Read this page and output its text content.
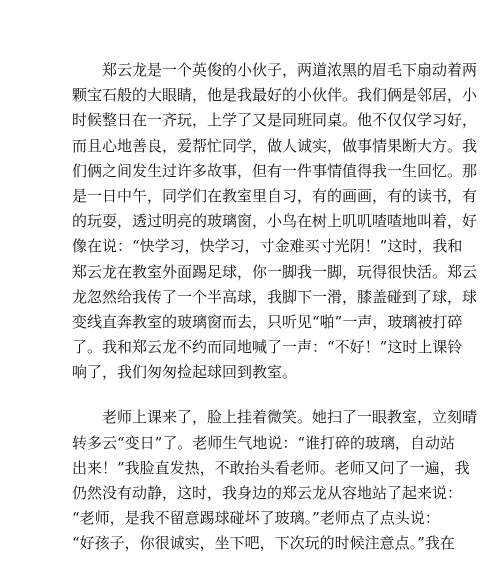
郑云龙是一个英俊的小伙子，两道浓黑的眉毛下扇动着两
颗宝石般的大眼睛，他是我最好的小伙伴。我们俩是邻居，小
时候整日在一齐玩，上学了又是同班同桌。他不仅仅学习好，
而且心地善良，爱帮忙同学，做人诚实，做事情果断大方。我
们俩之间发生过许多故事，但有一件事情值得我一生回忆。那
是一日中午，同学们在教室里自习，有的画画，有的读书，有
的玩耍，透过明亮的玻璃窗，小鸟在树上叽叽喳喳地叫着，好
像在说：“快学习，快学习，寸金难买寸光阴！”这时，我和
郑云龙在教室外面踢足球，你一脚我一脚，玩得很快活。郑云
龙忽然给我传了一个半高球，我脚下一滑，膝盖碰到了球，球
变线直奔教室的玻璃窗而去，只听见“啪”一声，玻璃被打碎
了。我和郑云龙不约而同地喊了一声：“不好！”这时上课铃
响了，我们匆匆捡起球回到教室。
老师上课来了，脸上挂着微笑。她扫了一眼教室，立刻晴
转多云“变日”了。老师生气地说：“谁打碎的玻璃，自动站
出来！”我脸直发热，不敢抬头看老师。老师又问了一遍，我
仍然没有动静，这时，我身边的郑云龙从容地站了起来说：
“老师，是我不留意踢球碰坏了玻璃。”老师点了点头说：
“好孩子，你很诚实，坐下吧，下次玩的时候注意点。”我在
